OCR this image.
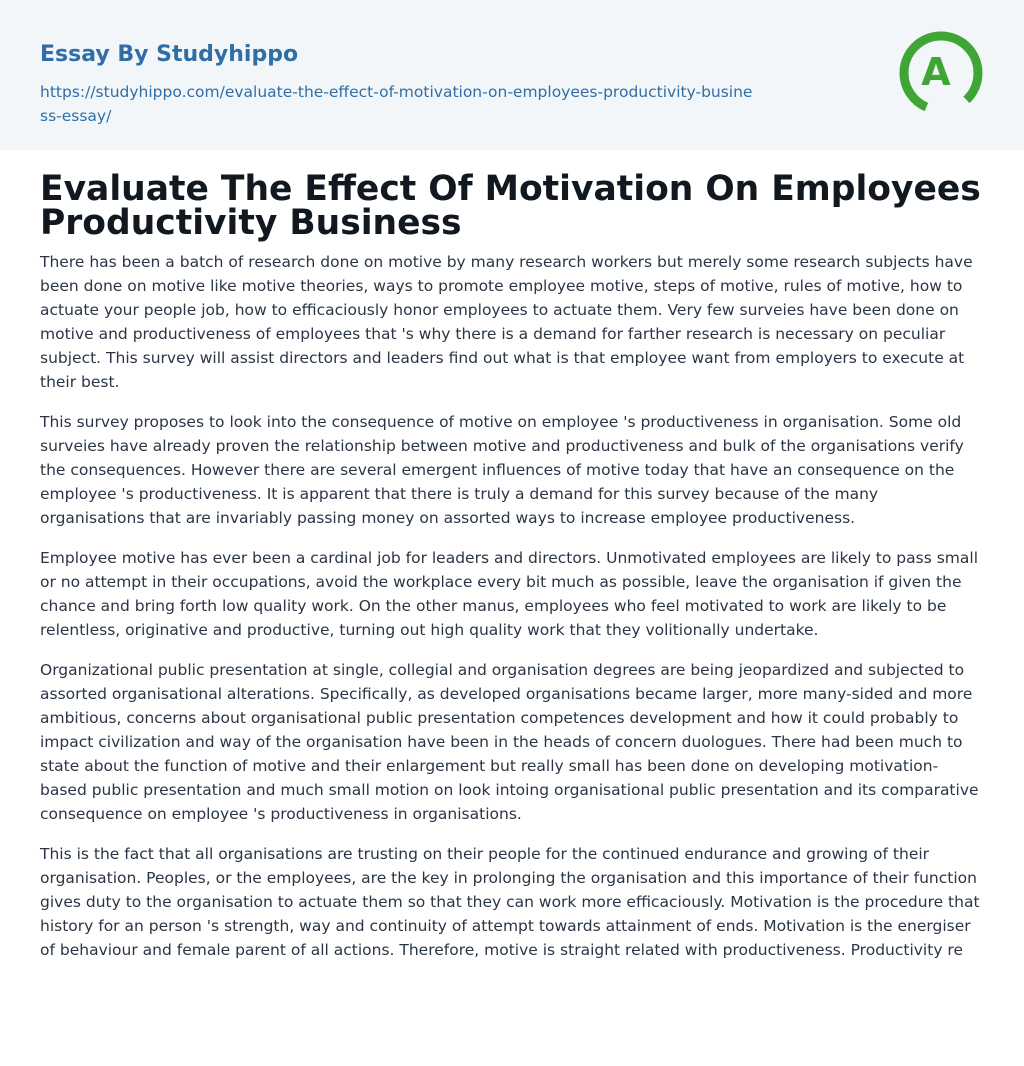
Essay By Studyhippo
https://studyhippo.com/evaluate-the-effect-of-motivation-on-employees-productivity-business-essay/
A
Evaluate The Effect Of Motivation On Employees Productivity Business

There has been a batch of research done on motive by many research workers but merely some research subjects have been done on motive like motive theories, ways to promote employee motive, steps of motive, rules of motive, how to actuate your people job, how to efficaciously honor employees to actuate them. Very few surveies have been done on motive and productiveness of employees that 's why there is a demand for farther research is necessary on peculiar subject. This survey will assist directors and leaders find out what is that employee want from employers to execute at their best.

This survey proposes to look into the consequence of motive on employee 's productiveness in organisation. Some old surveies have already proven the relationship between motive and productiveness and bulk of the organisations verify the consequences. However there are several emergent influences of motive today that have an consequence on the employee 's productiveness. It is apparent that there is truly a demand for this survey because of the many organisations that are invariably passing money on assorted ways to increase employee productiveness.

Employee motive has ever been a cardinal job for leaders and directors. Unmotivated employees are likely to pass small or no attempt in their occupations, avoid the workplace every bit much as possible, leave the organisation if given the chance and bring forth low quality work. On the other manus, employees who feel motivated to work are likely to be relentless, originative and productive, turning out high quality work that they volitionally undertake.

Organizational public presentation at single, collegial and organisation degrees are being jeopardized and subjected to assorted organisational alterations. Specifically, as developed organisations became larger, more many-sided and more ambitious, concerns about organisational public presentation competences development and how it could probably to impact civilization and way of the organisation have been in the heads of concern duologues. There had been much to state about the function of motive and their enlargement but really small has been done on developing motivation-based public presentation and much small motion on look intoing organisational public presentation and its comparative consequence on employee 's productiveness in organisations.

This is the fact that all organisations are trusting on their people for the continued endurance and growing of their organisation. Peoples, or the employees, are the key in prolonging the organisation and this importance of their function gives duty to the organisation to actuate them so that they can work more efficaciously. Motivation is the procedure that history for an person 's strength, way and continuity of attempt towards attainment of ends. Motivation is the energiser of behaviour and female parent of all actions. Therefore, motive is straight related with productiveness. Productivity re
